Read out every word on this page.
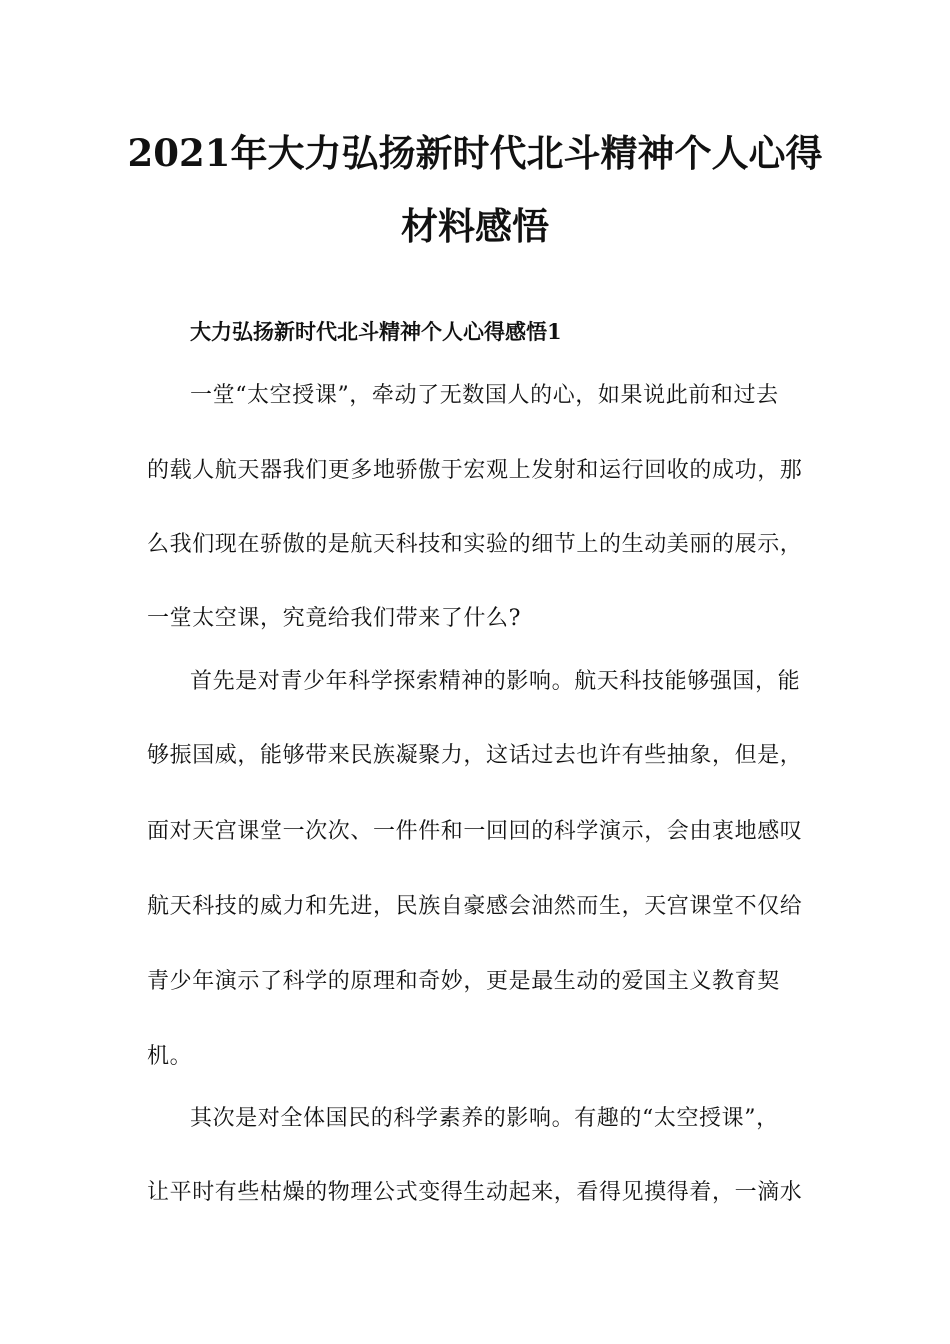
2021年大力弘扬新时代北斗精神个人心得
材料感悟
大力弘扬新时代北斗精神个人心得感悟1
一堂“太空授课”，牵动了无数国人的心，如果说此前和过去
的载人航天器我们更多地骄傲于宏观上发射和运行回收的成功，那
么我们现在骄傲的是航天科技和实验的细节上的生动美丽的展示，
一堂太空课，究竟给我们带来了什么?
首先是对青少年科学探索精神的影响。航天科技能够强国，能
够振国威，能够带来民族凝聚力，这话过去也许有些抽象，但是，
面对天宫课堂一次次、一件件和一回回的科学演示，会由衷地感叹
航天科技的威力和先进，民族自豪感会油然而生，天宫课堂不仅给
青少年演示了科学的原理和奇妙，更是最生动的爱国主义教育契
机。
其次是对全体国民的科学素养的影响。有趣的“太空授课”，
让平时有些枯燥的物理公式变得生动起来，看得见摸得着，一滴水
